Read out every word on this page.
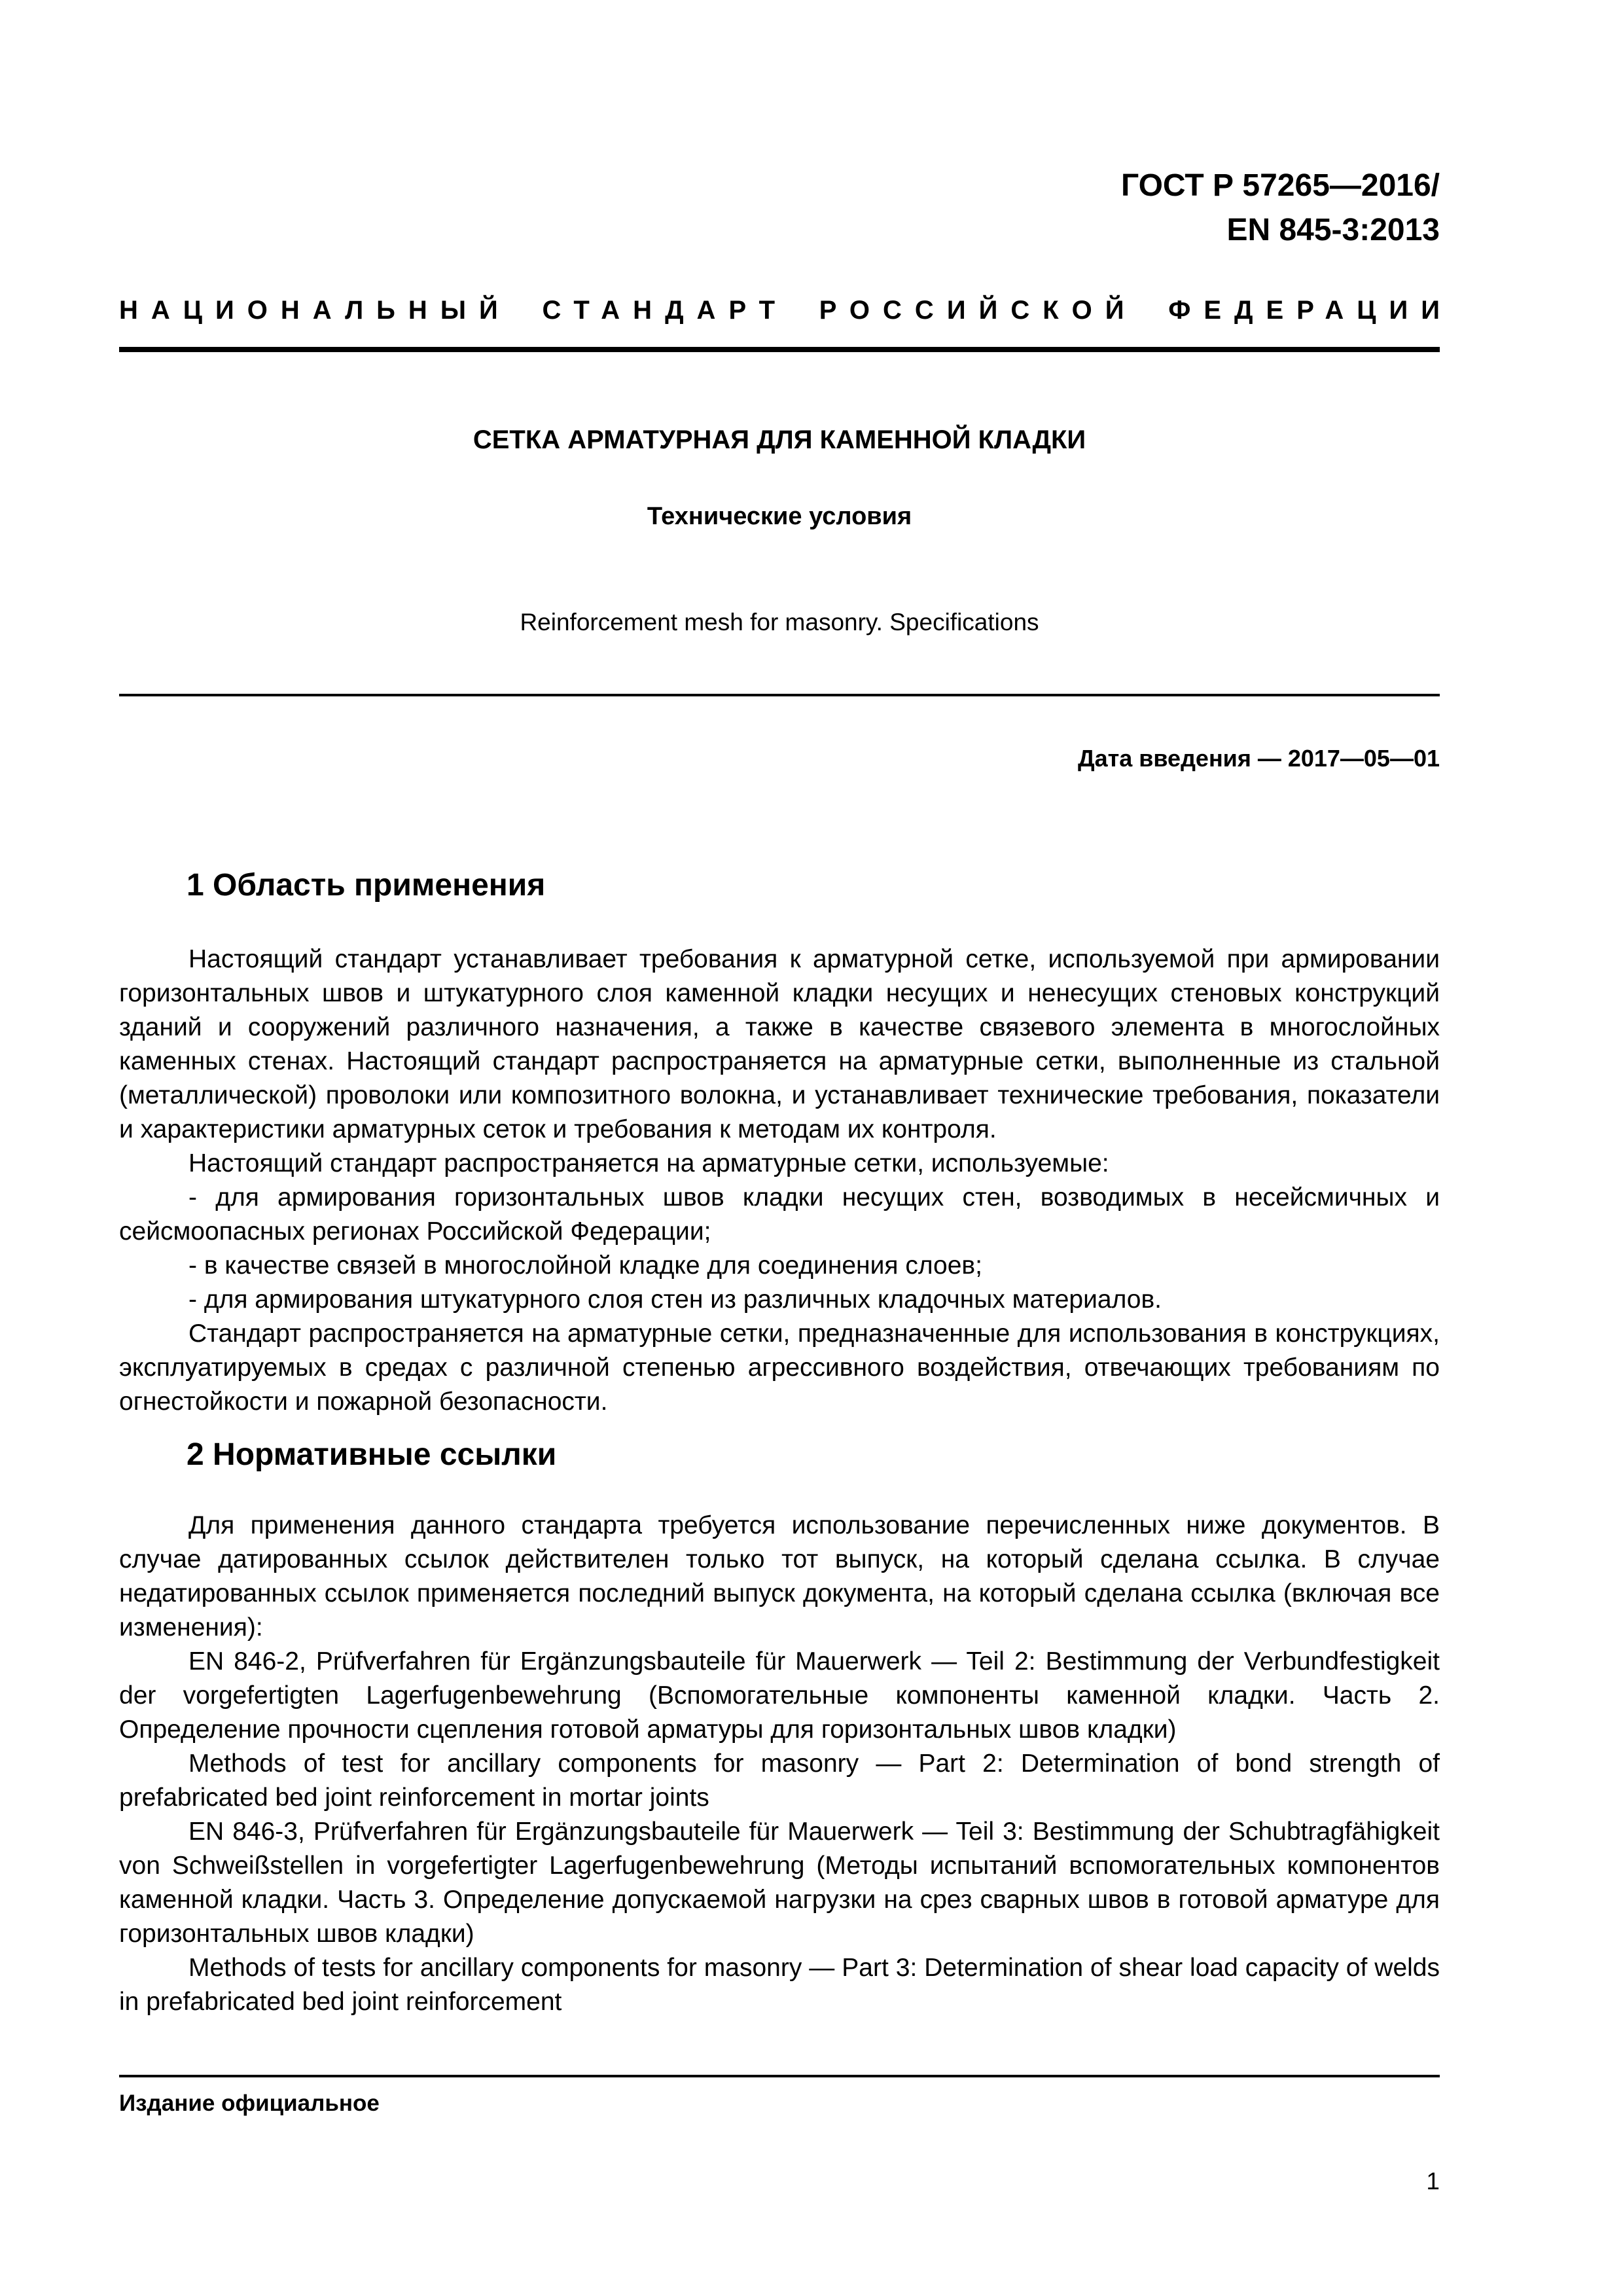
ГОСТ Р 57265—2016/
EN 845-3:2013
НАЦИОНАЛЬНЫЙ СТАНДАРТ РОССИЙСКОЙ ФЕДЕРАЦИИ
СЕТКА АРМАТУРНАЯ ДЛЯ КАМЕННОЙ КЛАДКИ
Технические условия
Reinforcement mesh for masonry. Specifications
Дата введения — 2017—05—01
1 Область применения

Настоящий стандарт устанавливает требования к арматурной сетке, используемой при армировании горизонтальных швов и штукатурного слоя каменной кладки несущих и ненесущих стеновых конструкций зданий и сооружений различного назначения, а также в качестве связевого элемента в многослойных каменных стенах. Настоящий стандарт распространяется на арматурные сетки, выполненные из стальной (металлической) проволоки или композитного волокна, и устанавливает технические требования, показатели и характеристики арматурных сеток и требования к методам их контроля.

Настоящий стандарт распространяется на арматурные сетки, используемые:

- для армирования горизонтальных швов кладки несущих стен, возводимых в несейсмичных и сейсмоопасных регионах Российской Федерации;

- в качестве связей в многослойной кладке для соединения слоев;

- для армирования штукатурного слоя стен из различных кладочных материалов.

Стандарт распространяется на арматурные сетки, предназначенные для использования в конструкциях, эксплуатируемых в средах с различной степенью агрессивного воздействия, отвечающих требованиям по огнестойкости и пожарной безопасности.

2 Нормативные ссылки

Для применения данного стандарта требуется использование перечисленных ниже документов. В случае датированных ссылок действителен только тот выпуск, на который сделана ссылка. В случае недатированных ссылок применяется последний выпуск документа, на который сделана ссылка (включая все изменения):

EN 846-2, Prüfverfahren für Ergänzungsbauteile für Mauerwerk — Teil 2: Bestimmung der Verbundfestigkeit der vorgefertigten Lagerfugenbewehrung (Вспомогательные компоненты каменной кладки. Часть 2. Определение прочности сцепления готовой арматуры для горизонтальных швов кладки)

Methods of test for ancillary components for masonry — Part 2: Determination of bond strength of prefabricated bed joint reinforcement in mortar joints

EN 846-3, Prüfverfahren für Ergänzungsbauteile für Mauerwerk — Teil 3: Bestimmung der Schubtragfähigkeit von Schweißstellen in vorgefertigter Lagerfugenbewehrung (Методы испытаний вспомогательных компонентов каменной кладки. Часть 3. Определение допускаемой нагрузки на срез сварных швов в готовой арматуре для горизонтальных швов кладки)

Methods of tests for ancillary components for masonry — Part 3: Determination of shear load capacity of welds in prefabricated bed joint reinforcement

Издание официальное
1
